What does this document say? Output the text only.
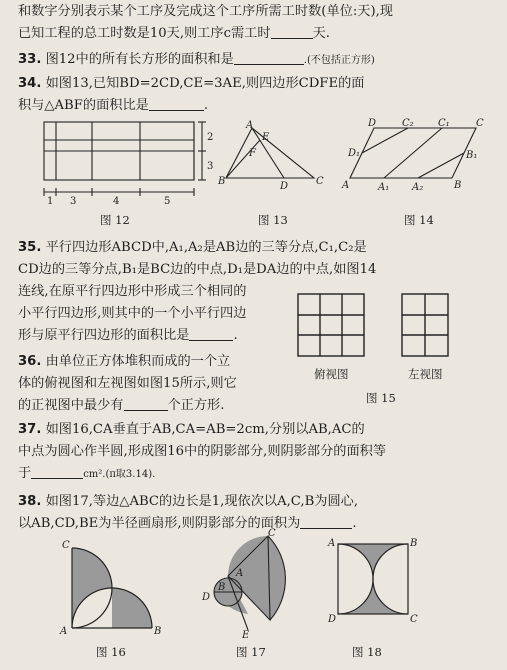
和数字分别表示某个工序及完成这个工序所需工时数(单位:天),现
已知工程的总工时数是10天,则工序c需工时	天.
33. 图12中的所有长方形的面积和是	.(不包括正方形)
34. 如图13,已知BD=2CD,CE=3AE,则四边形CDFE的面
积与△ABF的面积比是	.
1 3	4	5
2
3
图 12
A
B	C
D
E
F
图 13
D	C₂ C₁	C
D₁	B₁
A	A₁ A₂	B
图 14
35. 平行四边形ABCD中,A₁,A₂是AB边的三等分点,C₁,C₂是
CD边的三等分点,B₁是BC边的中点,D₁是DA边的中点,如图14
连线,在原平行四边形中形成三个相同的
小平行四边形,则其中的一个小平行四边
形与原平行四边形的面积比是	.
36. 由单位正方体堆积而成的一个立
体的俯视图和左视图如图15所示,则它
的正视图中最少有	个正方形.
俯视图	左视图
图 15
37. 如图16,CA垂直于AB,CA=AB=2cm,分别以AB,AC的
中点为圆心作半圆,形成图16中的阴影部分,则阴影部分的面积等
于	cm².(π取3.14).
38. 如图17,等边△ABC的边长是1,现依次以A,C,B为圆心,
以AB,CD,BE为半径画扇形,则阴影部分的面积为	.
C
A	B
图 16
C
A
B
D
E
图 17
A	B
D	C
图 18
